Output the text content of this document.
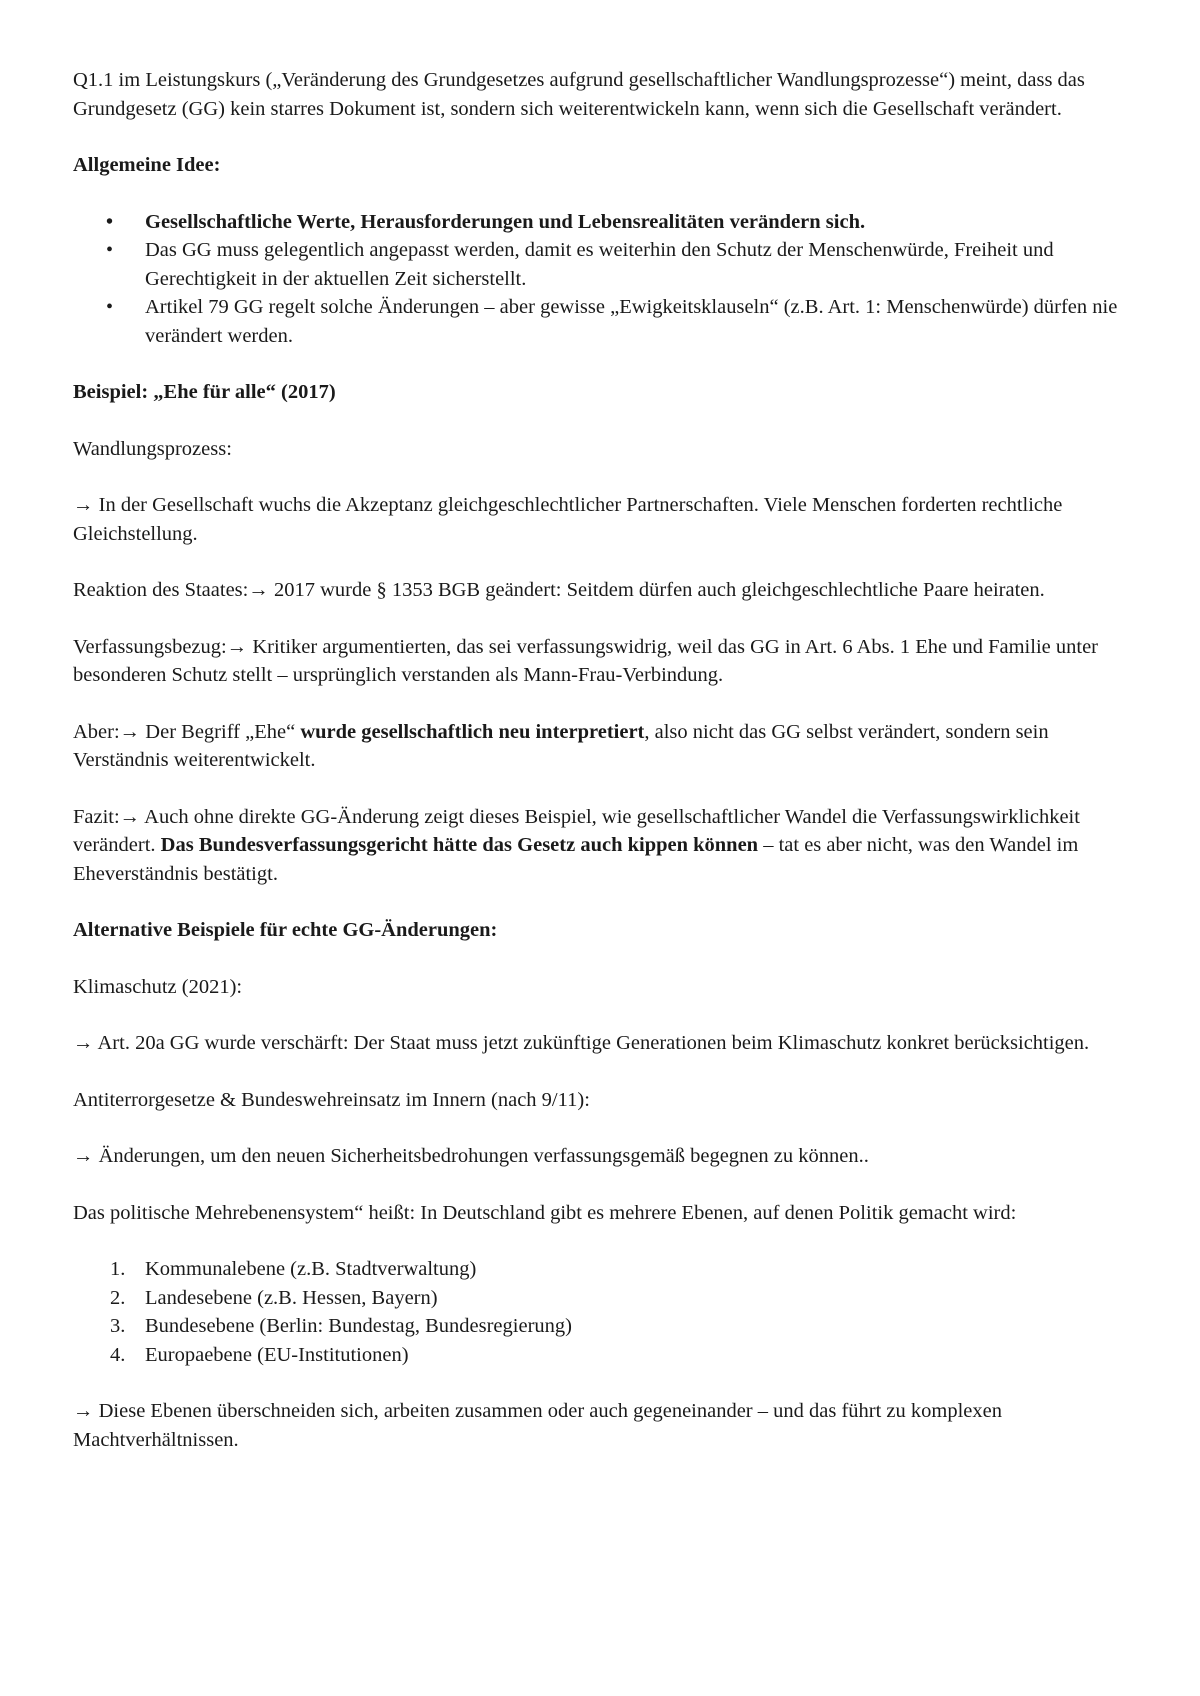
Q1.1 im Leistungskurs („Veränderung des Grundgesetzes aufgrund gesellschaftlicher Wandlungsprozesse“) meint, dass das Grundgesetz (GG) kein starres Dokument ist, sondern sich weiterentwickeln kann, wenn sich die Gesellschaft verändert.

Allgemeine Idee:

• Gesellschaftliche Werte, Herausforderungen und Lebensrealitäten verändern sich.
• Das GG muss gelegentlich angepasst werden, damit es weiterhin den Schutz der Menschenwürde, Freiheit und Gerechtigkeit in der aktuellen Zeit sicherstellt.
• Artikel 79 GG regelt solche Änderungen – aber gewisse „Ewigkeitsklauseln“ (z.B. Art. 1: Menschenwürde) dürfen nie verändert werden.

Beispiel: „Ehe für alle“ (2017)

Wandlungsprozess:

→ In der Gesellschaft wuchs die Akzeptanz gleichgeschlechtlicher Partnerschaften. Viele Menschen forderten rechtliche Gleichstellung.

Reaktion des Staates:→ 2017 wurde § 1353 BGB geändert: Seitdem dürfen auch gleichgeschlechtliche Paare heiraten.

Verfassungsbezug:→ Kritiker argumentierten, das sei verfassungswidrig, weil das GG in Art. 6 Abs. 1 Ehe und Familie unter besonderen Schutz stellt – ursprünglich verstanden als Mann-Frau-Verbindung.

Aber:→ Der Begriff „Ehe“ wurde gesellschaftlich neu interpretiert, also nicht das GG selbst verändert, sondern sein Verständnis weiterentwickelt.

Fazit:→ Auch ohne direkte GG-Änderung zeigt dieses Beispiel, wie gesellschaftlicher Wandel die Verfassungswirklichkeit verändert. Das Bundesverfassungsgericht hätte das Gesetz auch kippen können – tat es aber nicht, was den Wandel im Eheverständnis bestätigt.

Alternative Beispiele für echte GG-Änderungen:

Klimaschutz (2021):

→ Art. 20a GG wurde verschärft: Der Staat muss jetzt zukünftige Generationen beim Klimaschutz konkret berücksichtigen.

Antiterrorgesetze & Bundeswehreinsatz im Innern (nach 9/11):

→ Änderungen, um den neuen Sicherheitsbedrohungen verfassungsgemäß begegnen zu können..

Das politische Mehrebenensystem“ heißt: In Deutschland gibt es mehrere Ebenen, auf denen Politik gemacht wird:

1. Kommunalebene (z.B. Stadtverwaltung)
2. Landesebene (z.B. Hessen, Bayern)
3. Bundesebene (Berlin: Bundestag, Bundesregierung)
4. Europaebene (EU-Institutionen)

→ Diese Ebenen überschneiden sich, arbeiten zusammen oder auch gegeneinander – und das führt zu komplexen Machtverhältnissen.
